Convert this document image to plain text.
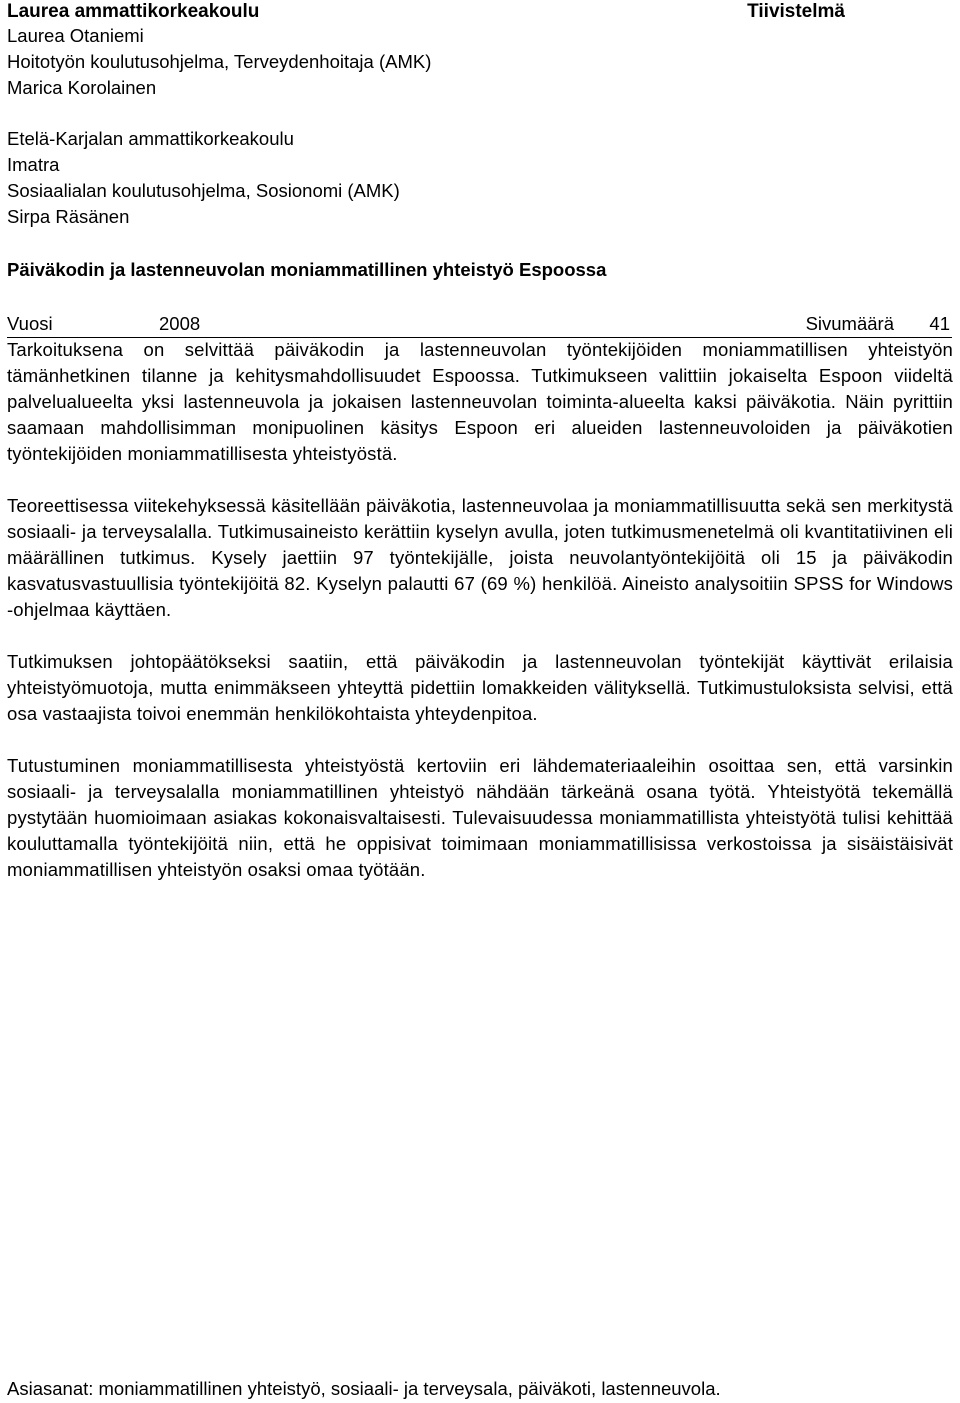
Laurea ammattikorkeakoulu	Tiivistelmä
Laurea Otaniemi
Hoitotyön koulutusohjelma, Terveydenhoitaja (AMK)
Marica Korolainen
Etelä-Karjalan ammattikorkeakoulu
Imatra
Sosiaalialan koulutusohjelma, Sosionomi (AMK)
Sirpa Räsänen
Päiväkodin ja lastenneuvolan moniammatillinen yhteistyö Espoossa
Vuosi	2008	Sivumäärä 41

Tarkoituksena on selvittää päiväkodin ja lastenneuvolan työntekijöiden moniammatillisen yhteistyön tämänhetkinen tilanne ja kehitysmahdollisuudet Espoossa. Tutkimukseen valittiin jokaiselta Espoon viideltä palvelualueelta yksi lastenneuvola ja jokaisen lastenneuvolan toiminta-alueelta kaksi päiväkotia. Näin pyrittiin saamaan mahdollisimman monipuolinen käsitys Espoon eri alueiden lastenneuvoloiden ja päiväkotien työntekijöiden moniammatillisesta yhteistyöstä.

Teoreettisessa viitekehyksessä käsitellään päiväkotia, lastenneuvolaa ja moniammatillisuutta sekä sen merkitystä sosiaali- ja terveysalalla. Tutkimusaineisto kerättiin kyselyn avulla, joten tutkimusmenetelmä oli kvantitatiivinen eli määrällinen tutkimus. Kysely jaettiin 97 työntekijälle, joista neuvolantyöntekijöitä oli 15 ja päiväkodin kasvatusvastuullisia työntekijöitä 82. Kyselyn palautti 67 (69 %) henkilöä. Aineisto analysoitiin SPSS for Windows -ohjelmaa käyttäen.

Tutkimuksen johtopäätökseksi saatiin, että päiväkodin ja lastenneuvolan työntekijät käyttivät erilaisia yhteistyömuotoja, mutta enimmäkseen yhteyttä pidettiin lomakkeiden välityksellä. Tutkimustuloksista selvisi, että osa vastaajista toivoi enemmän henkilökohtaista yhteydenpitoa.

Tutustuminen moniammatillisesta yhteistyöstä kertoviin eri lähdemateriaaleihin osoittaa sen, että varsinkin sosiaali- ja terveysalalla moniammatillinen yhteistyö nähdään tärkeänä osana työtä. Yhteistyötä tekemällä pystytään huomioimaan asiakas kokonaisvaltaisesti. Tulevaisuudessa moniammatillista yhteistyötä tulisi kehittää kouluttamalla työntekijöitä niin, että he oppisivat toimimaan moniammatillisissa verkostoissa ja sisäistäisivät moniammatillisen yhteistyön osaksi omaa työtään.

Asiasanat: moniammatillinen yhteistyö, sosiaali- ja terveysala, päiväkoti, lastenneuvola.
